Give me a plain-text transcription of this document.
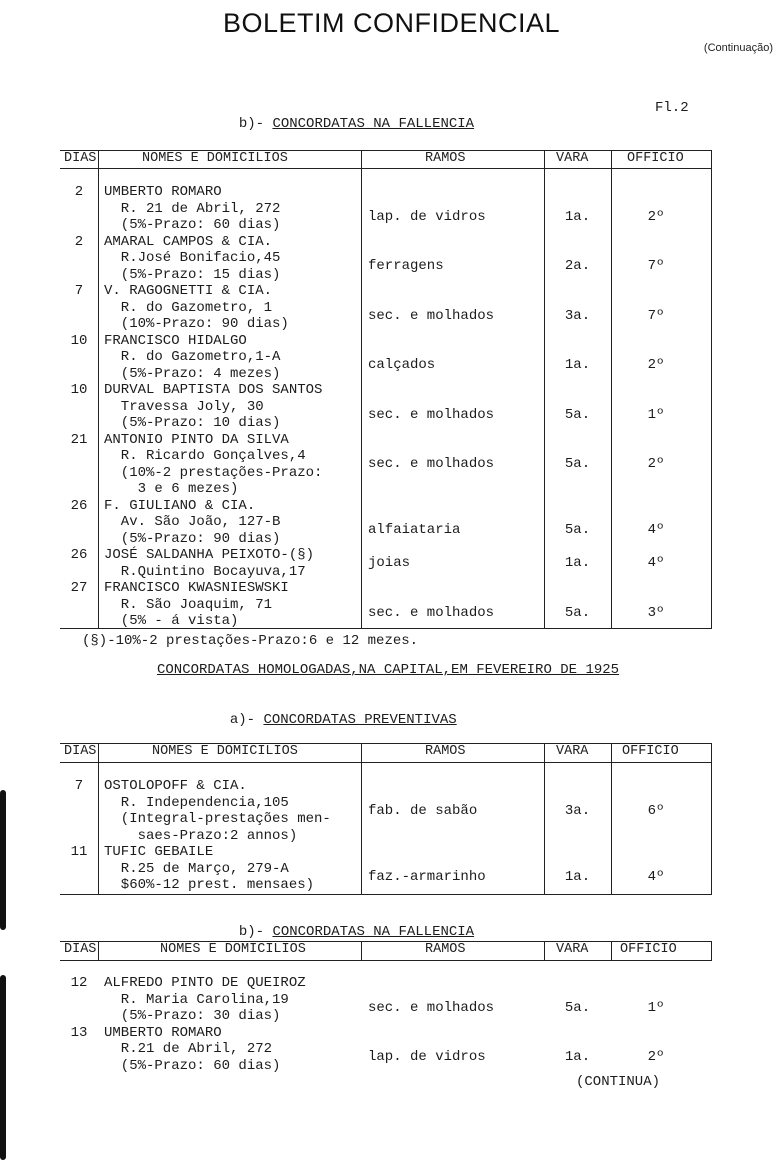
BOLETIM CONFIDENCIAL
(Continuação)

b)- CONCORDATAS NA FALLENCIA

Fl.2
DIAS	NOMES E DOMICILIOS	RAMOS	VARA	OFFICIO
2	UMBERTO ROMARO
R. 21 de Abril, 272
(5%-Prazo: 60 dias)
lap. de vidros	1a.	2º
2	AMARAL CAMPOS & CIA.
R.José Bonifacio,45
(5%-Prazo: 15 dias)
ferragens	2a.	7º
7	V. RAGOGNETTI & CIA.
R. do Gazometro, 1
(10%-Prazo: 90 dias)
sec. e molhados	3a.	7º
10	FRANCISCO HIDALGO
R. do Gazometro,1-A
(5%-Prazo: 4 mezes)
calçados	1a.	2º
10	DURVAL BAPTISTA DOS SANTOS
Travessa Joly, 30
(5%-Prazo: 10 dias)
sec. e molhados	5a.	1º
21	ANTONIO PINTO DA SILVA
R. Ricardo Gonçalves,4
(10%-2 prestações-Prazo:
3 e 6 mezes)
sec. e molhados	5a.	2º
26	F. GIULIANO & CIA.
Av. São João, 127-B
(5%-Prazo: 90 dias)
alfaiataria	5a.	4º
26	JOSÉ SALDANHA PEIXOTO-(§)
R.Quintino Bocayuva,17
joias	1a.	4º
27	FRANCISCO KWASNIESWSKI
R. São Joaquim, 71
(5% - á vista)
sec. e molhados	5a.	3º
(§)-10%-2 prestações-Prazo:6 e 12 mezes.
CONCORDATAS HOMOLOGADAS,NA CAPITAL,EM FEVEREIRO DE 1925

a)- CONCORDATAS PREVENTIVAS

DIAS	NOMES E DOMICILIOS	RAMOS	VARA OFFICIO
7	OSTOLOPOFF & CIA.
R. Independencia,105
(Integral-prestações men-
saes-Prazo:2 annos)
fab. de sabão	3a.	6º
11	TUFIC GEBAILE
R.25 de Março, 279-A
$60%-12 prest. mensaes)
faz.-armarinho	1a.	4º

b)- CONCORDATAS NA FALLENCIA

DIAS	NOMES E DOMICILIOS	RAMOS	VARA OFFICIO
12	ALFREDO PINTO DE QUEIROZ
R. Maria Carolina,19
(5%-Prazo: 30 dias)
sec. e molhados	5a.	1º
13	UMBERTO ROMARO
R.21 de Abril, 272
(5%-Prazo: 60 dias)
lap. de vidros	1a.	2º
(CONTINUA)
